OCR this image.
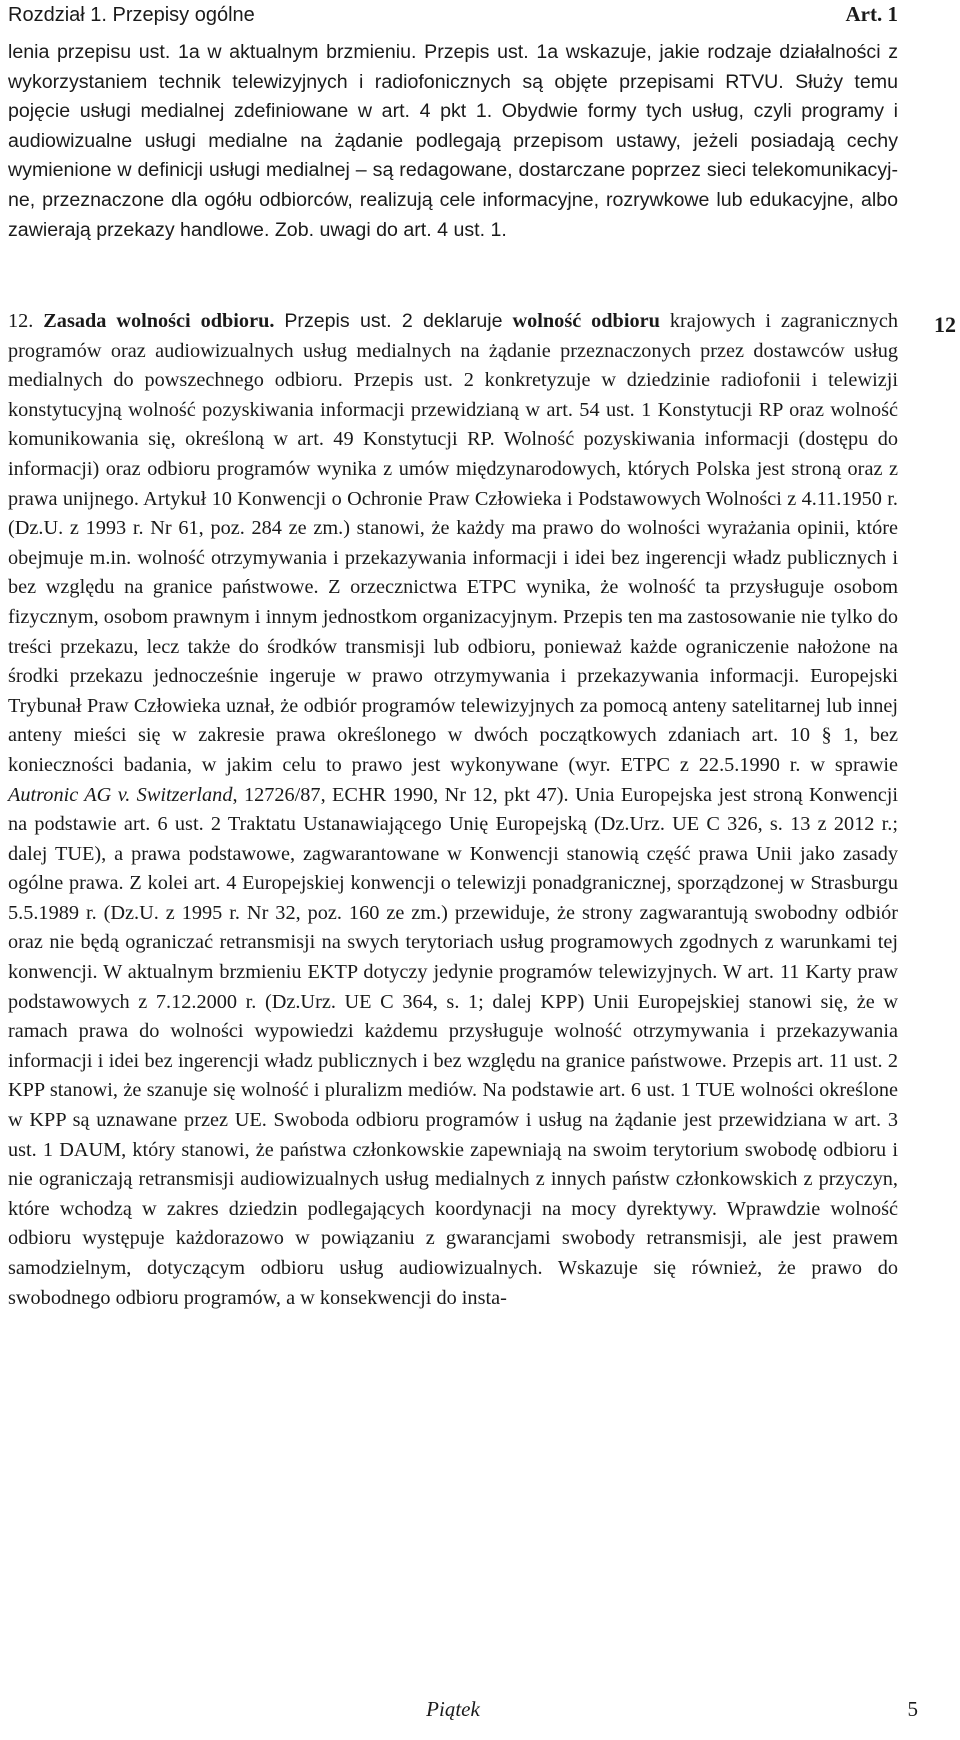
Rozdział 1. Przepisy ogólne	Art. 1

lenia przepisu ust. 1a w aktualnym brzmieniu. Przepis ust. 1a wskazuje, jakie rodzaje działalności z wykorzystaniem technik telewizyjnych i radiofonicznych są objęte przepisami RTVU. Służy temu pojęcie usługi medialnej zdefiniowane w art. 4 pkt 1. Obydwie formy tych usług, czyli programy i audiowizualne usługi medialne na żądanie podlegają przepisom ustawy, jeżeli posiadają cechy wymienione w definicji usługi medialnej – są redagowane, dostarczane poprzez sieci telekomunikacyjne, przeznaczone dla ogółu odbiorców, realizują cele informacyjne, rozrywkowe lub edukacyjne, albo zawierają przekazy handlowe. Zob. uwagi do art. 4 ust. 1.

12

12. Zasada wolności odbioru. Przepis ust. 2 deklaruje wolność odbioru krajowych i zagranicznych programów oraz audiowizualnych usług medialnych na żądanie przeznaczonych przez dostawców usług medialnych do powszechnego odbioru. Przepis ust. 2 konkretyzuje w dziedzinie radiofonii i telewizji konstytucyjną wolność pozyskiwania informacji przewidzianą w art. 54 ust. 1 Konstytucji RP oraz wolność komunikowania się, określoną w art. 49 Konstytucji RP. Wolność pozyskiwania informacji (dostępu do informacji) oraz odbioru programów wynika z umów międzynarodowych, których Polska jest stroną oraz z prawa unijnego. Artykuł 10 Konwencji o Ochronie Praw Człowieka i Podstawowych Wolności z 4.11.1950 r. (Dz.U. z 1993 r. Nr 61, poz. 284 ze zm.) stanowi, że każdy ma prawo do wolności wyrażania opinii, które obejmuje m.in. wolność otrzymywania i przekazywania informacji i idei bez ingerencji władz publicznych i bez względu na granice państwowe. Z orzecznictwa ETPC wynika, że wolność ta przysługuje osobom fizycznym, osobom prawnym i innym jednostkom organizacyjnym. Przepis ten ma zastosowanie nie tylko do treści przekazu, lecz także do środków transmisji lub odbioru, ponieważ każde ograniczenie nałożone na środki przekazu jednocześnie ingeruje w prawo otrzymywania i przekazywania informacji. Europejski Trybunał Praw Człowieka uznał, że odbiór programów telewizyjnych za pomocą anteny satelitarnej lub innej anteny mieści się w zakresie prawa określonego w dwóch początkowych zdaniach art. 10 § 1, bez konieczności badania, w jakim celu to prawo jest wykonywane (wyr. ETPC z 22.5.1990 r. w sprawie Autronic AG v. Switzerland, 12726/87, ECHR 1990, Nr 12, pkt 47). Unia Europejska jest stroną Konwencji na podstawie art. 6 ust. 2 Traktatu Ustanawiającego Unię Europejską (Dz.Urz. UE C 326, s. 13 z 2012 r.; dalej TUE), a prawa podstawowe, zagwarantowane w Konwencji stanowią część prawa Unii jako zasady ogólne prawa. Z kolei art. 4 Europejskiej konwencji o telewizji ponadgranicznej, sporządzonej w Strasburgu 5.5.1989 r. (Dz.U. z 1995 r. Nr 32, poz. 160 ze zm.) przewiduje, że strony zagwarantują swobodny odbiór oraz nie będą ograniczać retransmisji na swych terytoriach usług programowych zgodnych z warunkami tej konwencji. W aktualnym brzmieniu EKTP dotyczy jedynie programów telewizyjnych. W art. 11 Karty praw podstawowych z 7.12.2000 r. (Dz.Urz. UE C 364, s. 1; dalej KPP) Unii Europejskiej stanowi się, że w ramach prawa do wolności wypowiedzi każdemu przysługuje wolność otrzymywania i przekazywania informacji i idei bez ingerencji władz publicznych i bez względu na granice państwowe. Przepis art. 11 ust. 2 KPP stanowi, że szanuje się wolność i pluralizm mediów. Na podstawie art. 6 ust. 1 TUE wolności określone w KPP są uznawane przez UE. Swoboda odbioru programów i usług na żądanie jest przewidziana w art. 3 ust. 1 DAUM, który stanowi, że państwa członkowskie zapewniają na swoim terytorium swobodę odbioru i nie ograniczają retransmisji audiowizualnych usług medialnych z innych państw członkowskich z przyczyn, które wchodzą w zakres dziedzin podlegających koordynacji na mocy dyrektywy. Wprawdzie wolność odbioru występuje każdorazowo w powiązaniu z gwarancjami swobody retransmisji, ale jest prawem samodzielnym, dotyczącym odbioru usług audiowizualnych. Wskazuje się również, że prawo do swobodnego odbioru programów, a w konsekwencji do insta-

Piątek	5
